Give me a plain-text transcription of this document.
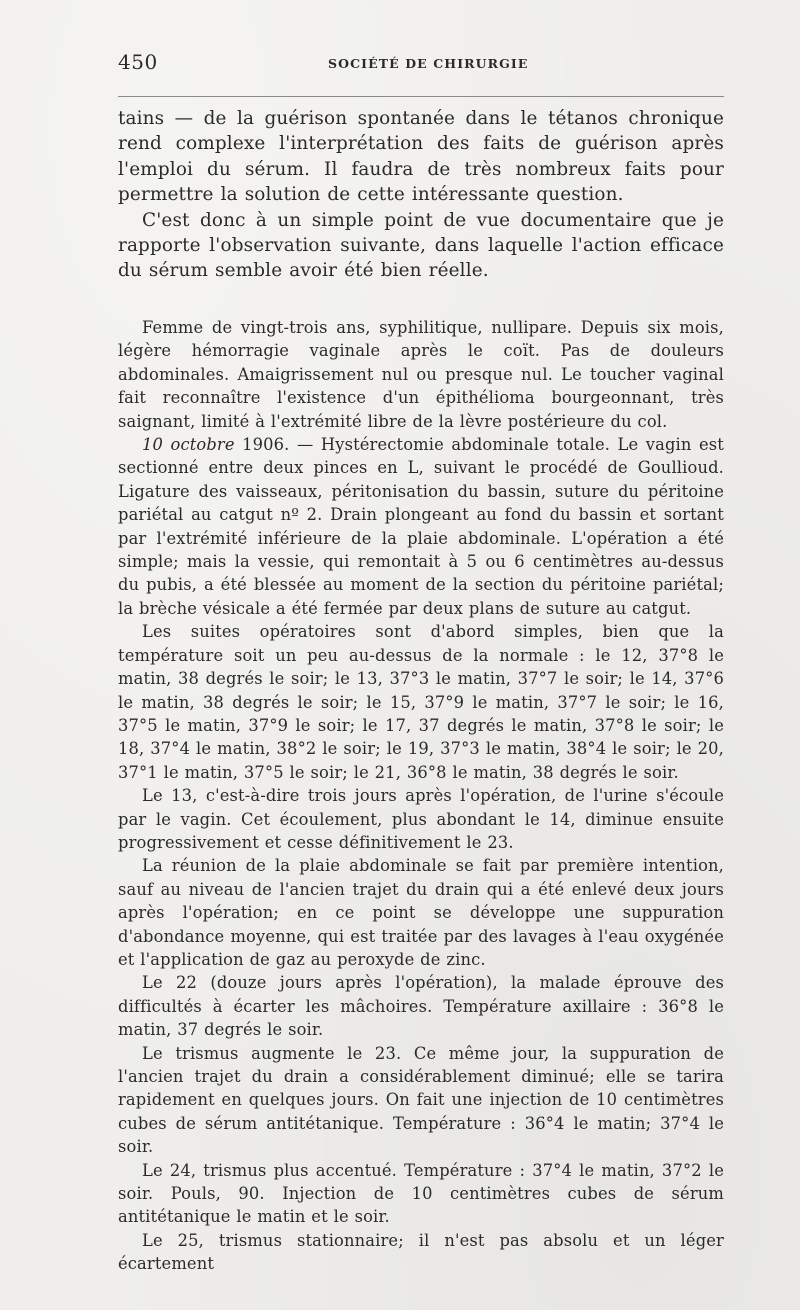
450	SOCIÉTÉ DE CHIRURGIE

tains — de la guérison spontanée dans le tétanos chronique rend complexe l'interprétation des faits de guérison après l'emploi du sérum. Il faudra de très nombreux faits pour permettre la solution de cette intéressante question.

C'est donc à un simple point de vue documentaire que je rapporte l'observation suivante, dans laquelle l'action efficace du sérum semble avoir été bien réelle.

Femme de vingt-trois ans, syphilitique, nullipare. Depuis six mois, légère hémorragie vaginale après le coït. Pas de douleurs abdominales. Amaigrissement nul ou presque nul. Le toucher vaginal fait reconnaître l'existence d'un épithélioma bourgeonnant, très saignant, limité à l'extrémité libre de la lèvre postérieure du col.

10 octobre 1906. — Hystérectomie abdominale totale. Le vagin est sectionné entre deux pinces en L, suivant le procédé de Goullioud. Ligature des vaisseaux, péritonisation du bassin, suture du péritoine pariétal au catgut nº 2. Drain plongeant au fond du bassin et sortant par l'extrémité inférieure de la plaie abdominale. L'opération a été simple; mais la vessie, qui remontait à 5 ou 6 centimètres au-dessus du pubis, a été blessée au moment de la section du péritoine pariétal; la brèche vésicale a été fermée par deux plans de suture au catgut.

Les suites opératoires sont d'abord simples, bien que la température soit un peu au-dessus de la normale : le 12, 37°8 le matin, 38 degrés le soir; le 13, 37°3 le matin, 37°7 le soir; le 14, 37°6 le matin, 38 degrés le soir; le 15, 37°9 le matin, 37°7 le soir; le 16, 37°5 le matin, 37°9 le soir; le 17, 37 degrés le matin, 37°8 le soir; le 18, 37°4 le matin, 38°2 le soir; le 19, 37°3 le matin, 38°4 le soir; le 20, 37°1 le matin, 37°5 le soir; le 21, 36°8 le matin, 38 degrés le soir.

Le 13, c'est-à-dire trois jours après l'opération, de l'urine s'écoule par le vagin. Cet écoulement, plus abondant le 14, diminue ensuite progressivement et cesse définitivement le 23.

La réunion de la plaie abdominale se fait par première intention, sauf au niveau de l'ancien trajet du drain qui a été enlevé deux jours après l'opération; en ce point se développe une suppuration d'abondance moyenne, qui est traitée par des lavages à l'eau oxygénée et l'application de gaz au peroxyde de zinc.

Le 22 (douze jours après l'opération), la malade éprouve des difficultés à écarter les mâchoires. Température axillaire : 36°8 le matin, 37 degrés le soir.

Le trismus augmente le 23. Ce même jour, la suppuration de l'ancien trajet du drain a considérablement diminué; elle se tarira rapidement en quelques jours. On fait une injection de 10 centimètres cubes de sérum antitétanique. Température : 36°4 le matin; 37°4 le soir.

Le 24, trismus plus accentué. Température : 37°4 le matin, 37°2 le soir. Pouls, 90. Injection de 10 centimètres cubes de sérum antitétanique le matin et le soir.

Le 25, trismus stationnaire; il n'est pas absolu et un léger écartement
